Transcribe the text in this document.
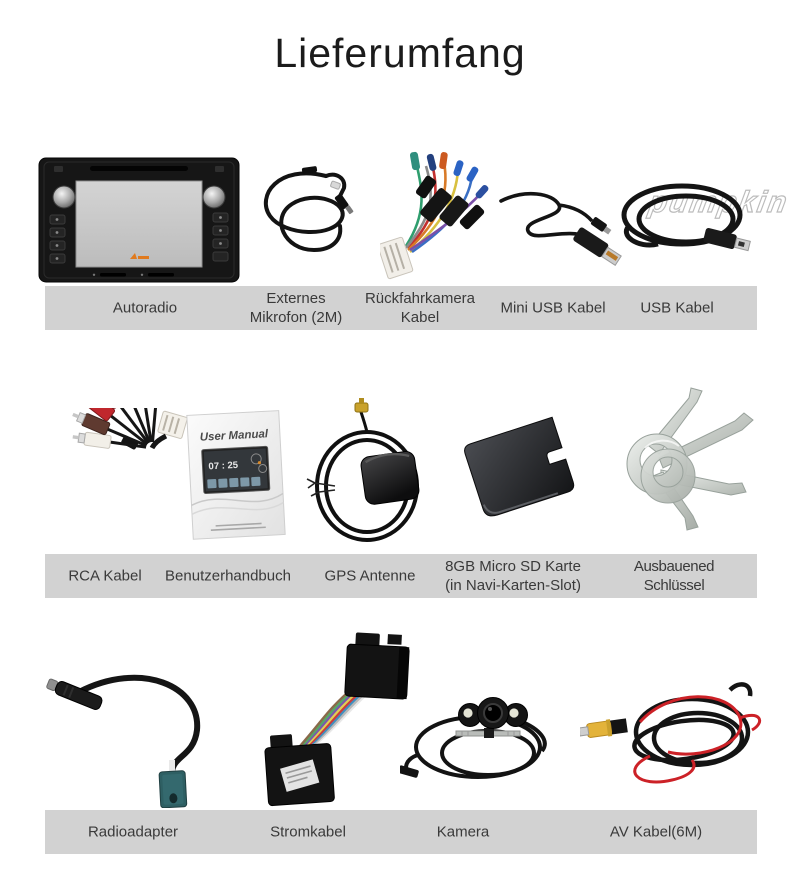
Lieferumfang
pumpkin
Autoradio
Externes
Mikrofon (2M)
Rückfahrkamera
Kabel
Mini USB Kabel USB Kabel
User Manual
07 : 25
RCA Kabel Benutzerhandbuch GPS Antenne
8GB Micro SD Karte
(in Navi-Karten-Slot)
Ausbauened Schlüssel
Radioadapter	Stromkabel	Kamera	AV Kabel(6M)
